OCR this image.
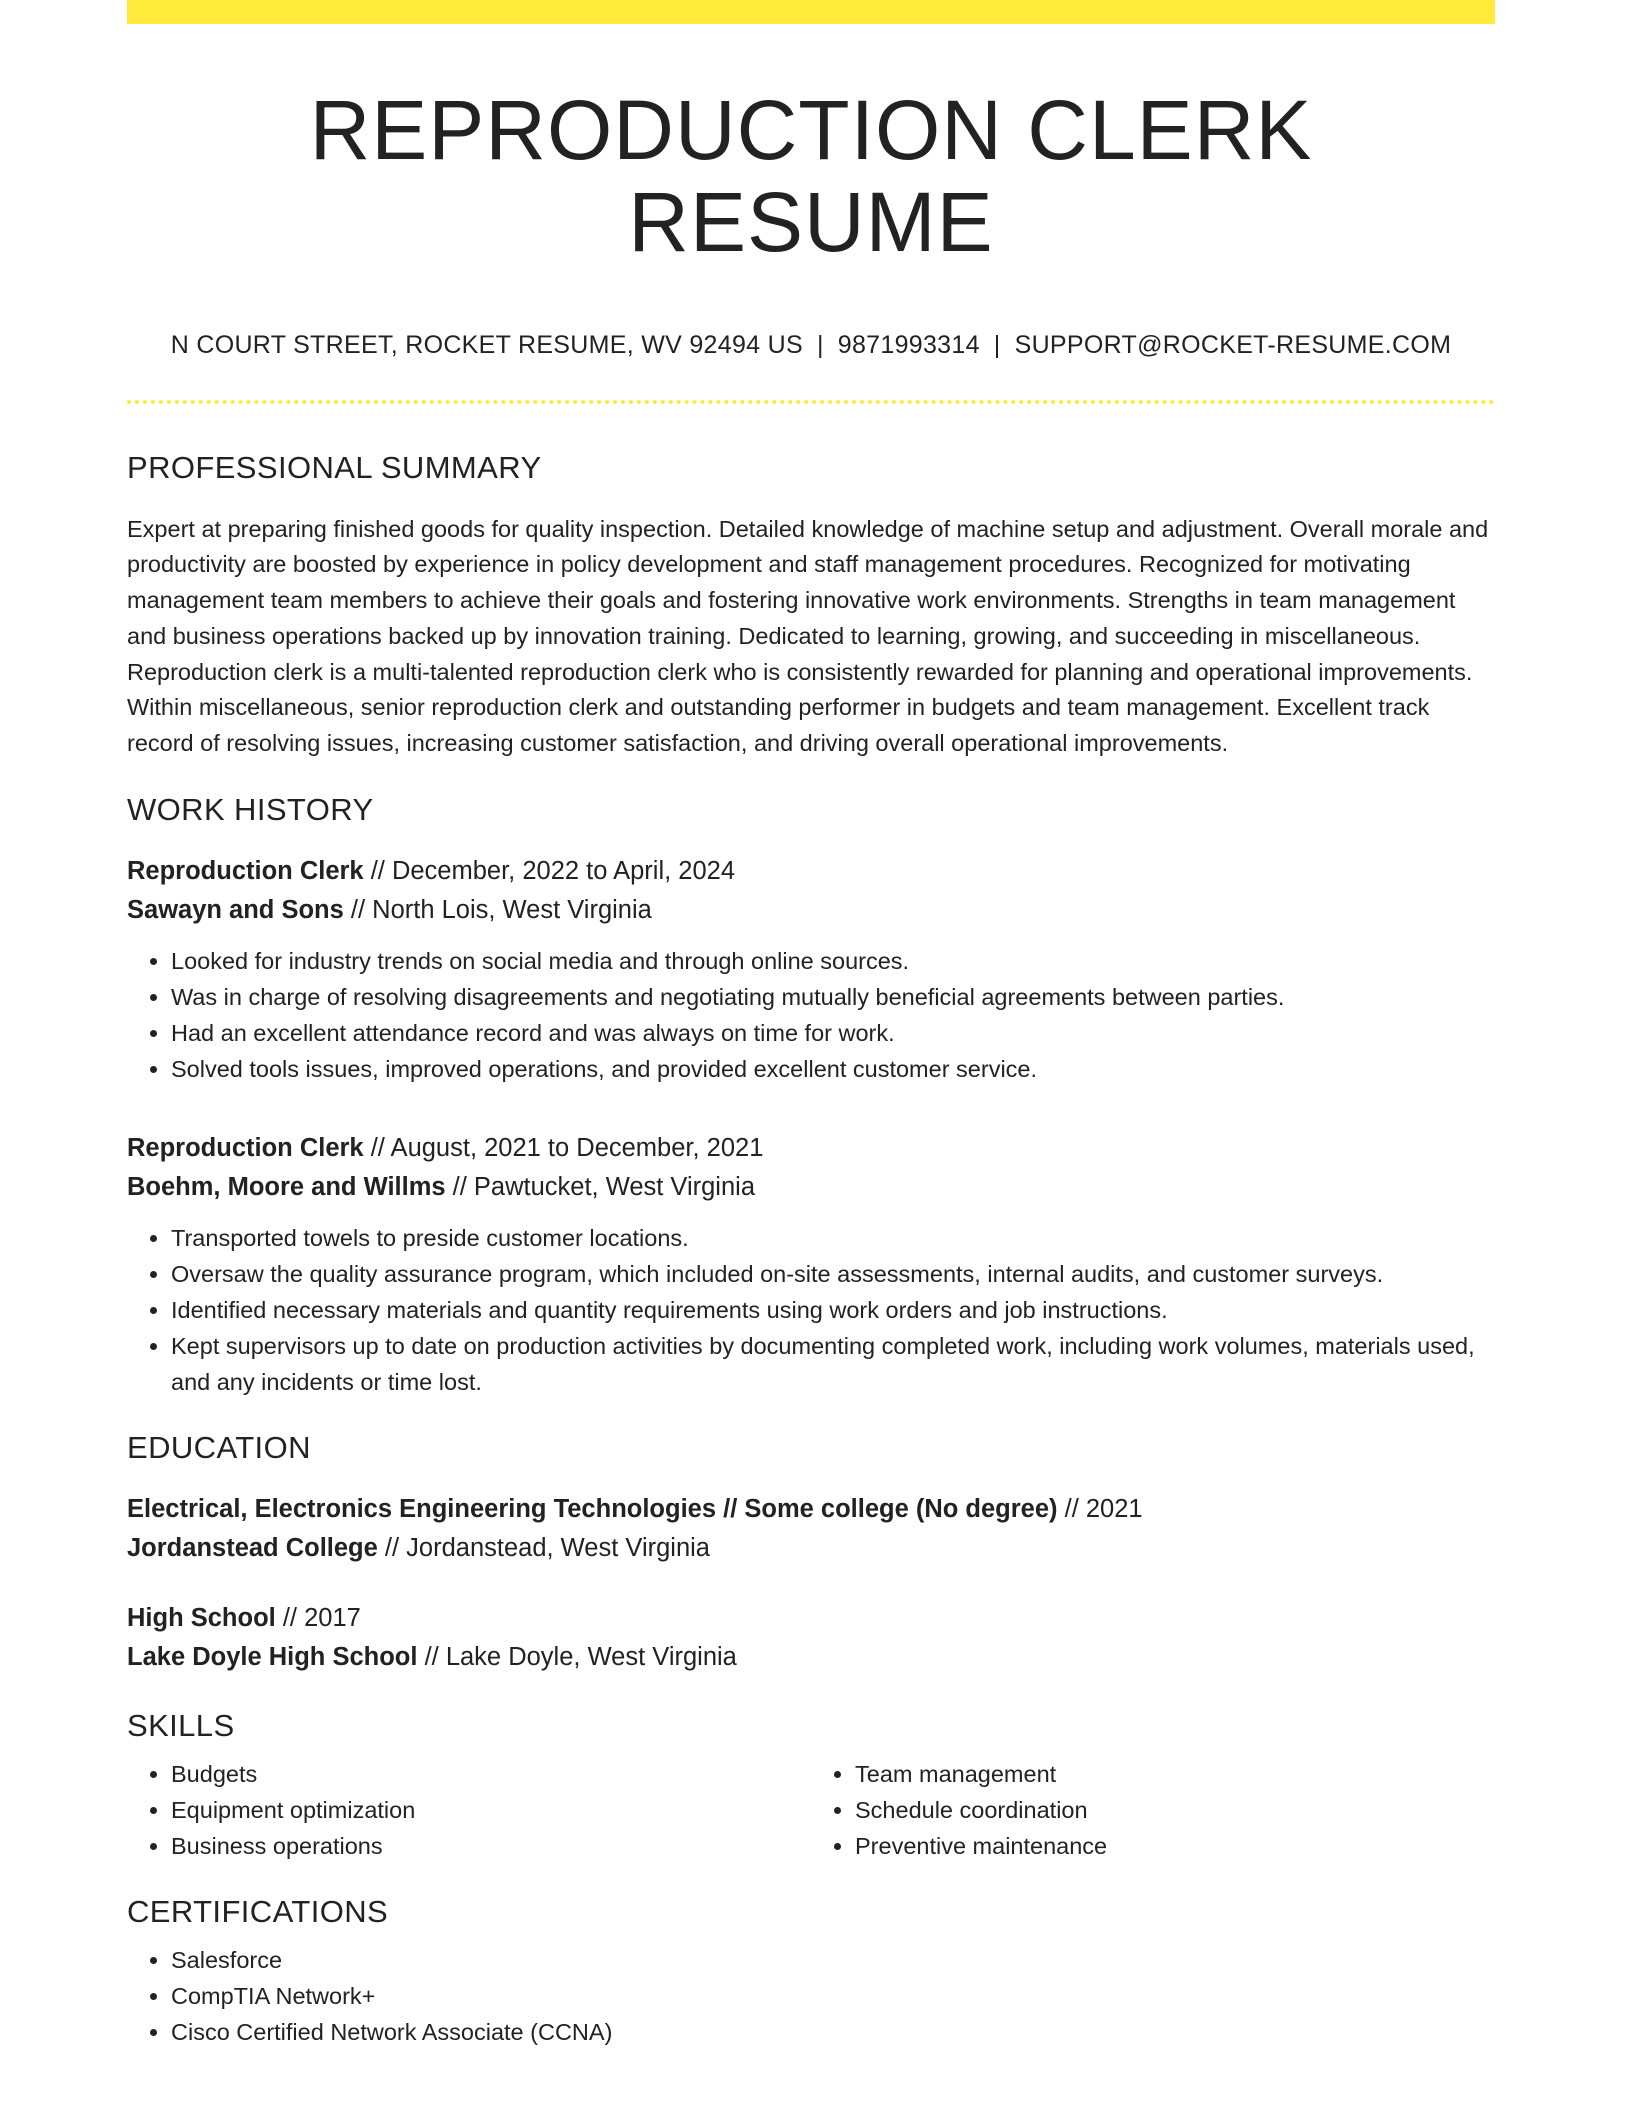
REPRODUCTION CLERK RESUME
N COURT STREET, ROCKET RESUME, WV 92494 US | 9871993314 | SUPPORT@ROCKET-RESUME.COM
PROFESSIONAL SUMMARY
Expert at preparing finished goods for quality inspection. Detailed knowledge of machine setup and adjustment. Overall morale and productivity are boosted by experience in policy development and staff management procedures. Recognized for motivating management team members to achieve their goals and fostering innovative work environments. Strengths in team management and business operations backed up by innovation training. Dedicated to learning, growing, and succeeding in miscellaneous. Reproduction clerk is a multi-talented reproduction clerk who is consistently rewarded for planning and operational improvements. Within miscellaneous, senior reproduction clerk and outstanding performer in budgets and team management. Excellent track record of resolving issues, increasing customer satisfaction, and driving overall operational improvements.
WORK HISTORY
Reproduction Clerk // December, 2022 to April, 2024
Sawayn and Sons // North Lois, West Virginia
• Looked for industry trends on social media and through online sources.
• Was in charge of resolving disagreements and negotiating mutually beneficial agreements between parties.
• Had an excellent attendance record and was always on time for work.
• Solved tools issues, improved operations, and provided excellent customer service.
Reproduction Clerk // August, 2021 to December, 2021
Boehm, Moore and Willms // Pawtucket, West Virginia
• Transported towels to preside customer locations.
• Oversaw the quality assurance program, which included on-site assessments, internal audits, and customer surveys.
• Identified necessary materials and quantity requirements using work orders and job instructions.
• Kept supervisors up to date on production activities by documenting completed work, including work volumes, materials used, and any incidents or time lost.
EDUCATION
Electrical, Electronics Engineering Technologies // Some college (No degree) // 2021
Jordanstead College // Jordanstead, West Virginia
High School // 2017
Lake Doyle High School // Lake Doyle, West Virginia
SKILLS
• Budgets
• Equipment optimization
• Business operations
• Team management
• Schedule coordination
• Preventive maintenance
CERTIFICATIONS
• Salesforce
• CompTIA Network+
• Cisco Certified Network Associate (CCNA)
